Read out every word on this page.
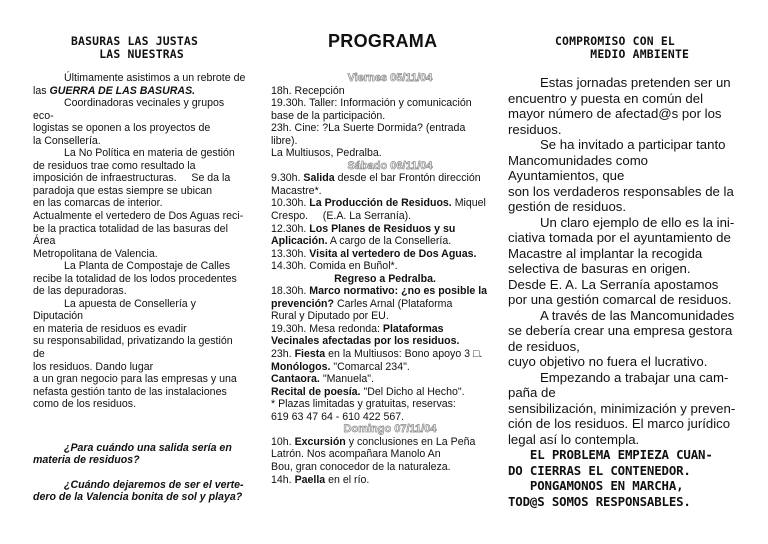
BASURAS LAS JUSTAS
LAS NUESTRAS

Últimamente asistimos a un rebrote de

las GUERRA DE LAS BASURAS.

Coordinadoras vecinales y grupos eco-

logistas se oponen a los proyectos de

la Consellería.

La No Política en materia de gestión

de residuos trae como resultado la

imposición de infraestructuras.     Se da la

paradoja que estas siempre se ubican

en las comarcas de interior.

Actualmente el vertedero de Dos Aguas reci-

be la practica totalidad de las basuras del Área

Metropolitana de Valencia.

La Planta de Compostaje de Calles

recibe la totalidad de los lodos procedentes

de las depuradoras.

La apuesta de Consellería y Diputación

en materia de residuos es evadir

su responsabilidad, privatizando la gestión de

los residuos. Dando lugar

a un gran negocio para las empresas y una

nefasta gestión tanto de las instalaciones

como de los residuos.

¿Para cuándo una salida sería en

materia de residuos?

¿Cuándo dejaremos de ser el verte-

dero de la Valencia bonita de sol y playa?

PROGRAMA

Viernes 05/11/04

18h. Recepción

19.30h. Taller: Información y comunicación

base de la participación.

23h. Cine: ?La Suerte Dormida? (entrada

libre).

La Multiusos, Pedralba.

Sábado 06/11/04

9.30h. Salida desde el bar Frontón dirección

Macastre*.

10.30h. La Producción de Residuos. Miquel

Crespo.     (E.A. La Serranía).

12.30h. Los Planes de Residuos y su

Aplicación. A cargo de la Consellería.

13.30h. Visita al vertedero de Dos Aguas.

14.30h. Comida en Buñol*.

Regreso a Pedralba.

18.30h. Marco normativo: ¿no es posible la

prevención? Carles Arnal (Plataforma

Rural y Diputado por EU.

19.30h. Mesa redonda: Plataformas

Vecinales afectadas por los residuos.

23h. Fiesta en la Multiusos: Bono apoyo 3 □.

Monólogos. "Comarcal 234".

Cantaora. "Manuela".

Recital de poesía. "Del Dicho al Hecho".

* Plazas limitadas y gratuitas, reservas:

619 63 47 64 - 610 422 567.

Domingo 07/11/04

10h. Excursión y conclusiones en La Peña

Latrón. Nos acompañara Manolo An

Bou, gran conocedor de la naturaleza.

14h. Paella en el río.

COMPROMISO CON EL
MEDIO AMBIENTE

Estas jornadas pretenden ser un

encuentro y puesta en común del

mayor número de afectad@s por los

residuos.

Se ha invitado a participar tanto

Mancomunidades como

Ayuntamientos, que

son los verdaderos responsables de la

gestión de residuos.

Un claro ejemplo de ello es la ini-

ciativa tomada por el ayuntamiento de

Macastre al implantar la recogida

selectiva de basuras en origen.

Desde E. A. La Serranía apostamos

por una gestión comarcal de residuos.

A través de las Mancomunidades

se debería crear una empresa gestora

de residuos,

cuyo objetivo no fuera el lucrativo.

Empezando a trabajar una cam-

paña de

sensibilización, minimización y preven-

ción de los residuos. El marco jurídico

legal así lo contempla.

EL PROBLEMA EMPIEZA CUAN-

DO CIERRAS EL CONTENEDOR.

PONGAMONOS EN MARCHA,

TOD@S SOMOS RESPONSABLES.
